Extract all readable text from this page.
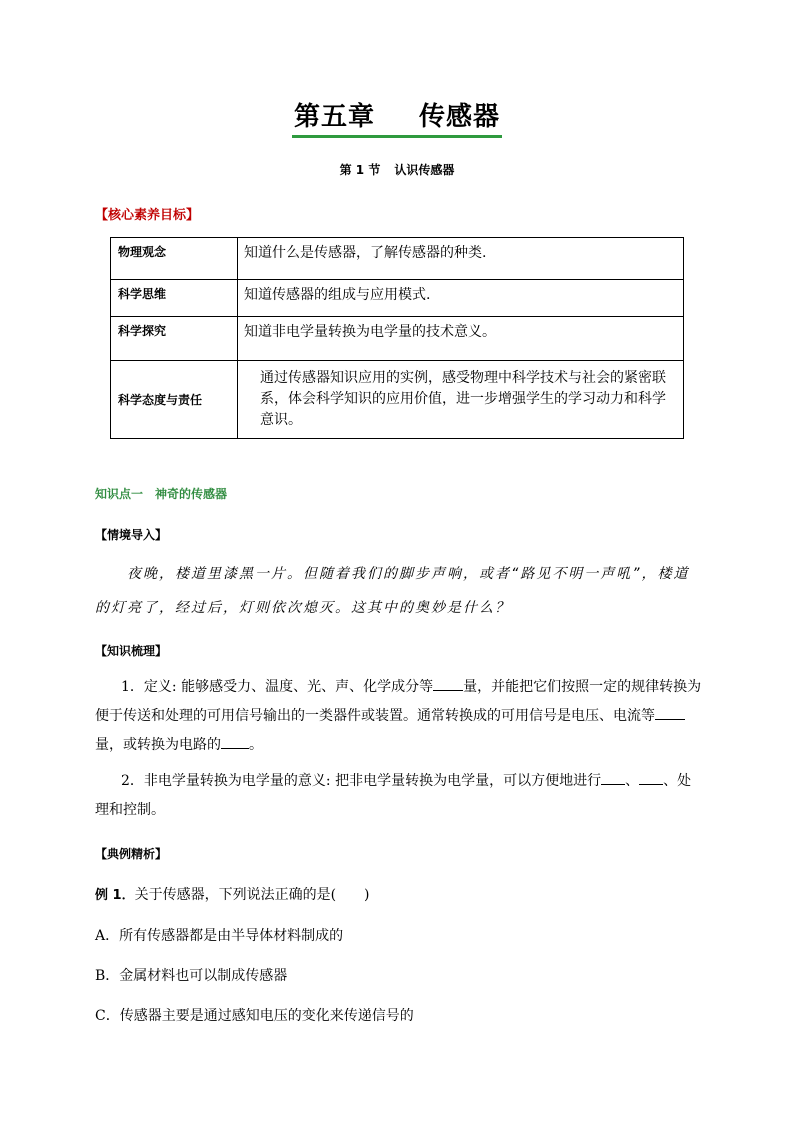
第五章 传感器
第 1 节 认识传感器
【核心素养目标】
物理观念	知道什么是传感器，了解传感器的种类.
科学思维	知道传感器的组成与应用模式.
科学探究	知道非电学量转换为电学量的技术意义。
科学态度与责任	通过传感器知识应用的实例，感受物理中科学技术与社会的紧密联系，体会科学知识的应用价值，进一步增强学生的学习动力和科学意识。
知识点一 神奇的传感器
【情境导入】
夜晚，楼道里漆黑一片。但随着我们的脚步声响，或者“路见不明一声吼”，楼道的灯亮了，经过后，灯则依次熄灭。这其中的奥妙是什么？
【知识梳理】
1．定义: 能够感受力、温度、光、声、化学成分等 量，并能把它们按照一定的规律转换为便于传送和处理的可用信号输出的一类器件或装置。通常转换成的可用信号是电压、电流等量，或转换为电路的 。
2．非电学量转换为电学量的意义: 把非电学量转换为电学量，可以方便地进行 、 、处理和控制。
【典例精析】
例 1．关于传感器，下列说法正确的是(　　)
A．所有传感器都是由半导体材料制成的
B．金属材料也可以制成传感器
C．传感器主要是通过感知电压的变化来传递信号的
